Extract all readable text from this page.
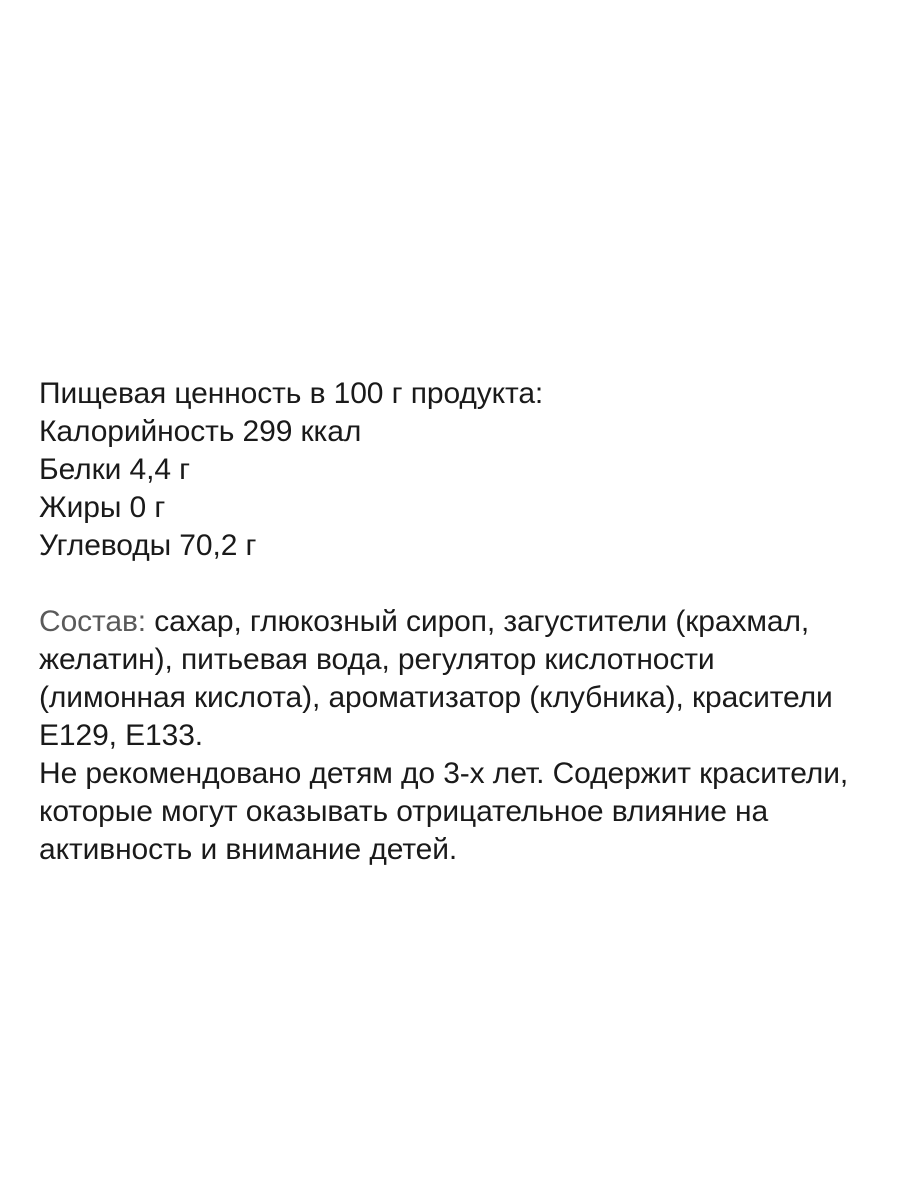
Пищевая ценность в 100 г продукта:
Калорийность 299 ккал
Белки 4,4 г
Жиры 0 г
Углеводы 70,2 г

Состав: сахар, глюкозный сироп, загустители (крахмал, желатин), питьевая вода, регулятор кислотности (лимонная кислота), ароматизатор (клубника), красители Е129, Е133.

Не рекомендовано детям до 3-х лет. Содержит красители, которые могут оказывать отрицательное влияние на активность и внимание детей.
